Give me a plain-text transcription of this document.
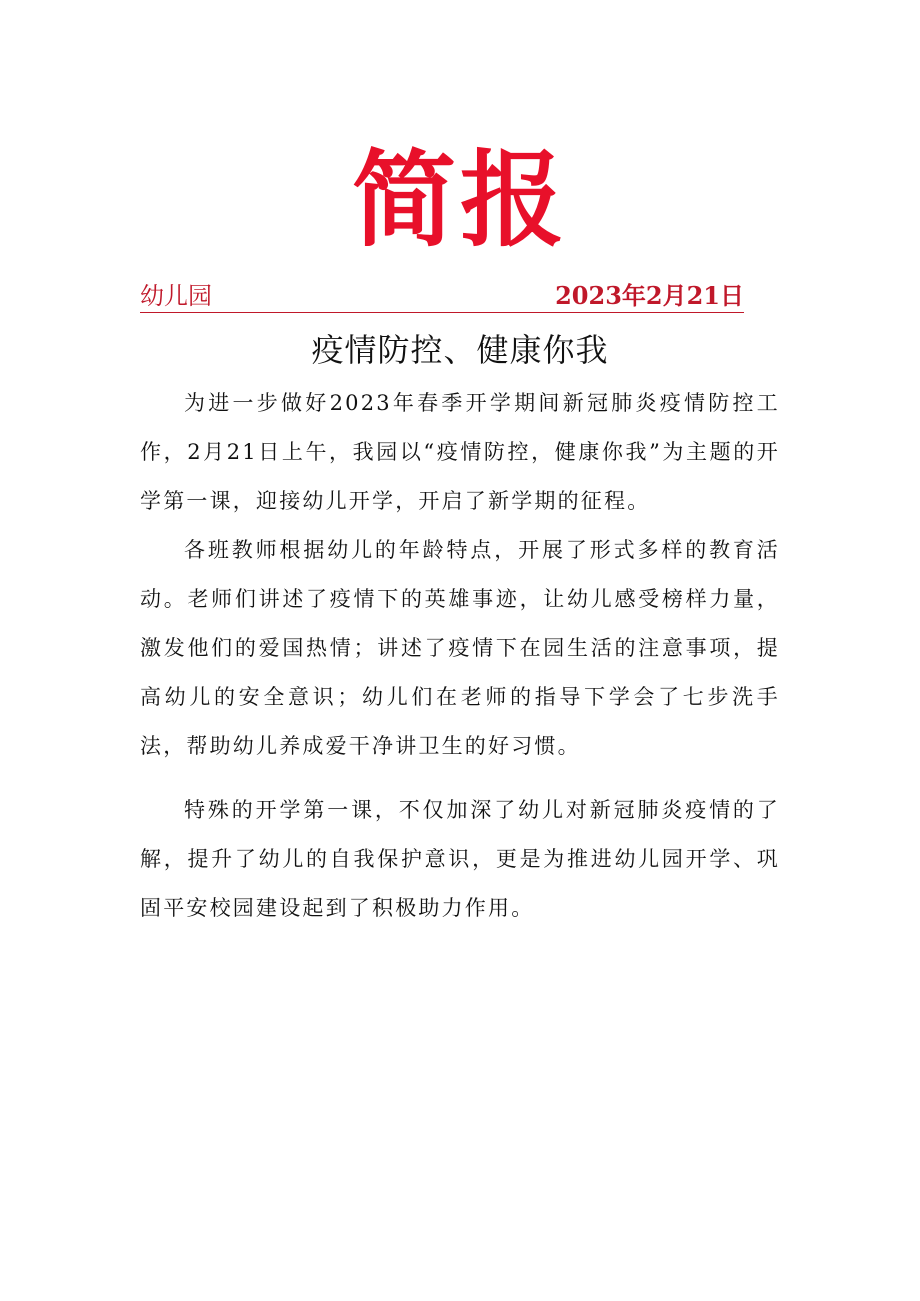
简报
幼儿园	2023年2月21日
疫情防控、健康你我

为进一步做好2023年春季开学期间新冠肺炎疫情防控工作，2月21日上午，我园以“疫情防控，健康你我”为主题的开学第一课，迎接幼儿开学，开启了新学期的征程。

各班教师根据幼儿的年龄特点，开展了形式多样的教育活动。老师们讲述了疫情下的英雄事迹，让幼儿感受榜样力量，激发他们的爱国热情；讲述了疫情下在园生活的注意事项，提高幼儿的安全意识；幼儿们在老师的指导下学会了七步洗手法，帮助幼儿养成爱干净讲卫生的好习惯。

特殊的开学第一课，不仅加深了幼儿对新冠肺炎疫情的了解，提升了幼儿的自我保护意识，更是为推进幼儿园开学、巩固平安校园建设起到了积极助力作用。
